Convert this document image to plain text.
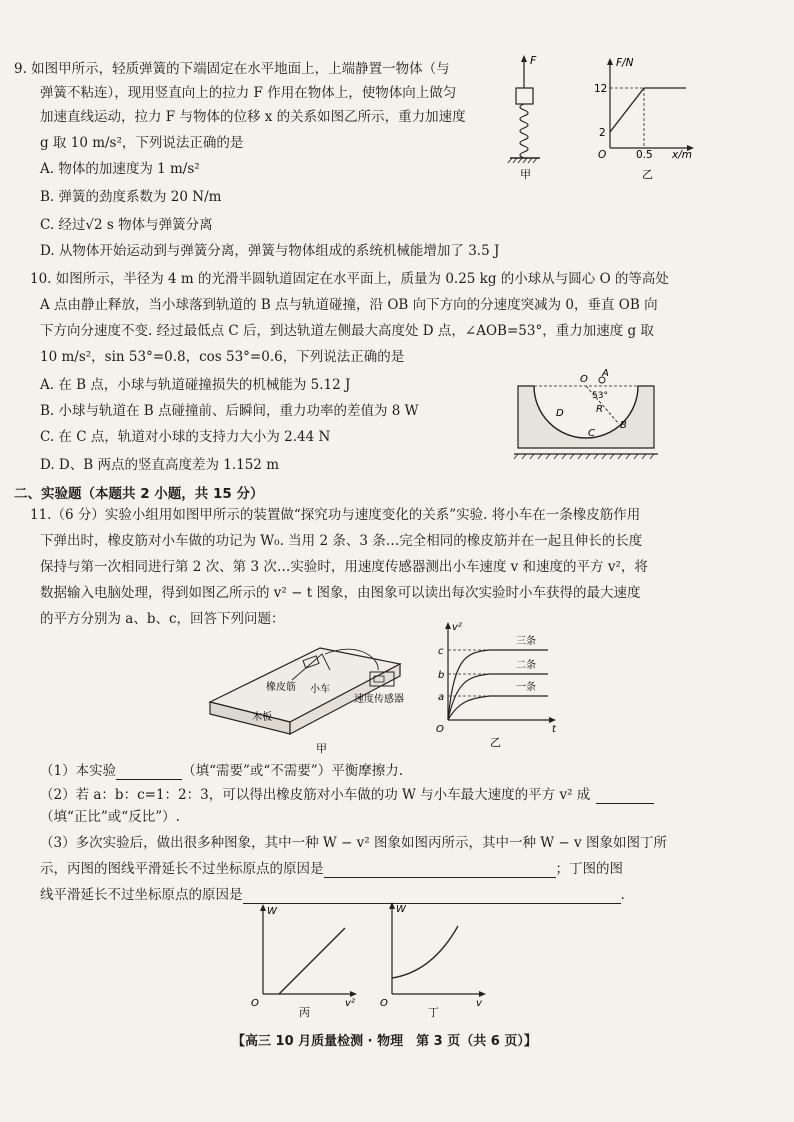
9. 如图甲所示，轻质弹簧的下端固定在水平地面上，上端静置一物体（与
弹簧不粘连），现用竖直向上的拉力 F 作用在物体上，使物体向上做匀
加速直线运动，拉力 F 与物体的位移 x 的关系如图乙所示，重力加速度
g 取 10 m/s²，下列说法正确的是
A. 物体的加速度为 1 m/s²
B. 弹簧的劲度系数为 20 N/m
C. 经过√2 s 物体与弹簧分离
D. 从物体开始运动到与弹簧分离，弹簧与物体组成的系统机械能增加了 3.5 J
F
甲
F/N
12
2
O	0.5 x/m
乙
10. 如图所示，半径为 4 m 的光滑半圆轨道固定在水平面上，质量为 0.25 kg 的小球从与圆心 O 的等高处
A 点由静止释放，当小球落到轨道的 B 点与轨道碰撞，沿 OB 向下方向的分速度突减为 0，垂直 OB 向
下方向分速度不变. 经过最低点 C 后，到达轨道左侧最大高度处 D 点，∠AOB=53°，重力加速度 g 取
10 m/s²，sin 53°=0.8，cos 53°=0.6，下列说法正确的是
A. 在 B 点，小球与轨道碰撞损失的机械能为 5.12 J
B. 小球与轨道在 B 点碰撞前、后瞬间，重力功率的差值为 8 W
C. 在 C 点，轨道对小球的支持力大小为 2.44 N
D. D、B 两点的竖直高度差为 1.152 m
O
A
53°
R
B
C
D
二、实验题（本题共 2 小题，共 15 分）
11.（6 分）实验小组用如图甲所示的装置做“探究功与速度变化的关系”实验. 将小车在一条橡皮筋作用
下弹出时，橡皮筋对小车做的功记为 W₀. 当用 2 条、3 条…完全相同的橡皮筋并在一起且伸长的长度
保持与第一次相同进行第 2 次、第 3 次…实验时，用速度传感器测出小车速度 v 和速度的平方 v²，将
数据输入电脑处理，得到如图乙所示的 v² − t 图象，由图象可以读出每次实验时小车获得的最大速度
的平方分别为 a、b、c，回答下列问题：
橡皮筋 小车
木板
速度传感器
甲
v²
t
O
c
b
a
三条
二条
一条
乙
（1）本实验	（填“需要”或“不需要”）平衡摩擦力.
（2）若 a：b：c=1：2：3，可以得出橡皮筋对小车做的功 W 与小车最大速度的平方 v² 成
（填“正比”或“反比”）.
（3）多次实验后，做出很多种图象，其中一种 W − v² 图象如图丙所示，其中一种 W − v 图象如图丁所
示，丙图的图线平滑延长不过坐标原点的原因是	；丁图的图
线平滑延长不过坐标原点的原因是	.
W
v²
O
丙
W
v
O
丁
【高三 10 月质量检测 · 物理　第 3 页（共 6 页）】
